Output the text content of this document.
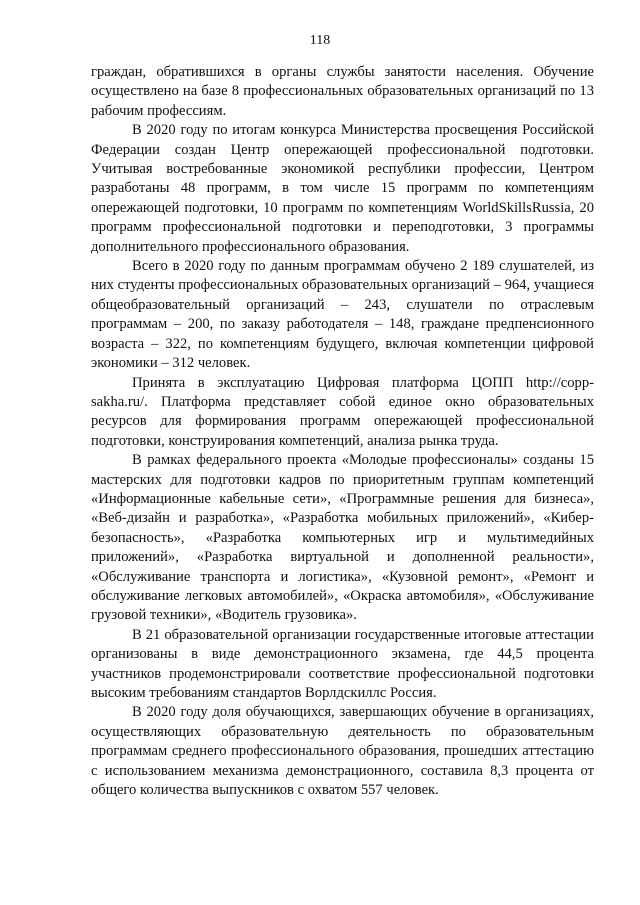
118

граждан, обратившихся в органы службы занятости населения. Обучение осуществлено на базе 8 профессиональных образовательных организаций по 13 рабочим профессиям.

В 2020 году по итогам конкурса Министерства просвещения Российской Федерации создан Центр опережающей профессиональной подготовки. Учитывая востребованные экономикой республики профессии, Центром разработаны 48 программ, в том числе 15 программ по компетенциям опережающей подготовки, 10 программ по компетенциям WorldSkillsRussia, 20 программ профессиональной подготовки и переподготовки, 3 программы дополнительного профессионального образования.

Всего в 2020 году по данным программам обучено 2 189 слушателей, из них студенты профессиональных образовательных организаций – 964, учащиеся общеобразовательный организаций – 243, слушатели по отраслевым программам – 200, по заказу работодателя – 148, граждане предпенсионного возраста – 322, по компетенциям будущего, включая компетенции цифровой экономики – 312 человек.

Принята в эксплуатацию Цифровая платформа ЦОПП http://copp-sakha.ru/. Платформа представляет собой единое окно образовательных ресурсов для формирования программ опережающей профессиональной подготовки, конструирования компетенций, анализа рынка труда.

В рамках федерального проекта «Молодые профессионалы» созданы 15 мастерских для подготовки кадров по приоритетным группам компетенций «Информационные кабельные сети», «Программные решения для бизнеса», «Веб-дизайн и разработка», «Разработка мобильных приложений», «Кибер-безопасность», «Разработка компьютерных игр и мультимедийных приложений», «Разработка виртуальной и дополненной реальности», «Обслуживание транспорта и логистика», «Кузовной ремонт», «Ремонт и обслуживание легковых автомобилей», «Окраска автомобиля», «Обслуживание грузовой техники», «Водитель грузовика».

В 21 образовательной организации государственные итоговые аттестации организованы в виде демонстрационного экзамена, где 44,5 процента участников продемонстрировали соответствие профессиональной подготовки высоким требованиям стандартов Ворлдскиллс Россия.

В 2020 году доля обучающихся, завершающих обучение в организациях, осуществляющих образовательную деятельность по образовательным программам среднего профессионального образования, прошедших аттестацию с использованием механизма демонстрационного, составила 8,3 процента от общего количества выпускников с охватом 557 человек.
